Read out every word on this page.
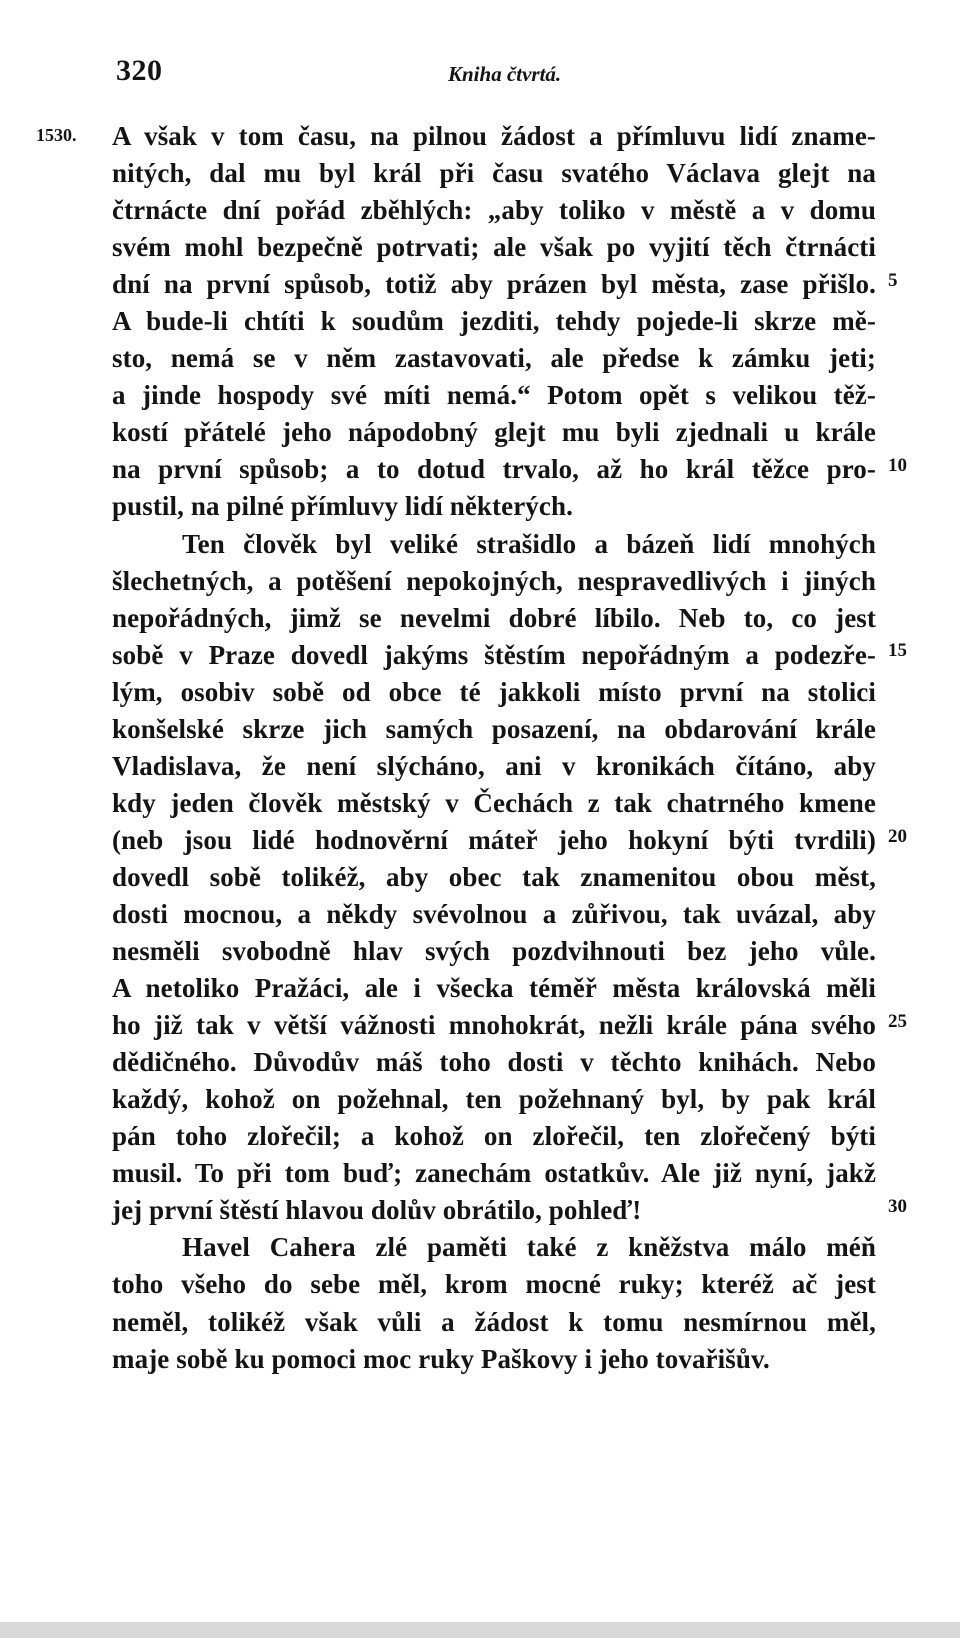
320	Kniha čtvrtá.
1530. A však v tom času, na pilnou žádost a přímluvu lidí zname-
nitých, dal mu byl král při času svatého Václava glejt na
čtrnácte dní pořád zběhlých: „aby toliko v městě a v domu
svém mohl bezpečně potrvati; ale však po vyjití těch čtrnácti
dní na první spůsob, totiž aby prázen byl města, zase přišlo.
A bude-li chtíti k soudům jezditi, tehdy pojede-li skrze mě-
sto, nemá se v něm zastavovati, ale předse k zámku jeti;
a jinde hospody své míti nemá.“ Potom opět s velikou těž-
kostí přátelé jeho nápodobný glejt mu byli zjednali u krále
na první spůsob; a to dotud trvalo, až ho král těžce pro-
pustil, na pilné přímluvy lidí některých.
Ten člověk byl veliké strašidlo a bázeň lidí mnohých
šlechetných, a potěšení nepokojných, nespravedlivých i jiných
nepořádných, jimž se nevelmi dobré líbilo. Neb to, co jest
sobě v Praze dovedl jakýms štěstím nepořádným a podezře-
lým, osobiv sobě od obce té jakkoli místo první na stolici
konšelské skrze jich samých posazení, na obdarování krále
Vladislava, že není slýcháno, ani v kronikách čítáno, aby
kdy jeden člověk městský v Čechách z tak chatrného kmene
(neb jsou lidé hodnověrní máteř jeho hokyní býti tvrdili)
dovedl sobě tolikéž, aby obec tak znamenitou obou měst,
dosti mocnou, a někdy svévolnou a zůřivou, tak uvázal, aby
nesměli svobodně hlav svých pozdvihnouti bez jeho vůle.
A netoliko Pražáci, ale i všecka téměř města královská měli
ho již tak v větší vážnosti mnohokrát, nežli krále pána svého
dědičného. Důvodův máš toho dosti v těchto knihách. Nebo
každý, kohož on požehnal, ten požehnaný byl, by pak král
pán toho zlořečil; a kohož on zlořečil, ten zlořečený býti
musil. To při tom buď; zanechám ostatkův. Ale již nyní, jakž
jej první štěstí hlavou dolův obrátilo, pohleď!
Havel Cahera zlé paměti také z kněžstva málo méň
toho všeho do sebe měl, krom mocné ruky; kteréž ač jest
neměl, tolikéž však vůli a žádost k tomu nesmírnou měl,
maje sobě ku pomoci moc ruky Paškovy i jeho tovařišův.
5
10
15
20
25
30
